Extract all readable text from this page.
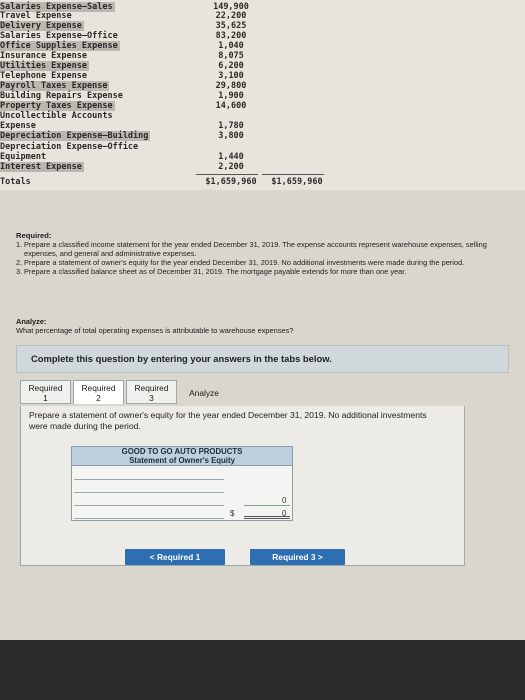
Salaries Expense—Sales	149,900
Travel Expense	22,200
Delivery Expense	35,625
Salaries Expense—Office	83,200
Office Supplies Expense	1,040
Insurance Expense	8,075
Utilities Expense	6,200
Telephone Expense	3,100
Payroll Taxes Expense	29,800
Building Repairs Expense	1,900
Property Taxes Expense	14,600
Uncollectible Accounts
Expense	1,780
Depreciation Expense—Building	3,800
Depreciation Expense—Office
Equipment	1,440
Interest Expense	2,200
Totals	$1,659,960	$1,659,960
Required:
1. Prepare a classified income statement for the year ended December 31, 2019. The expense accounts represent warehouse expenses, selling expenses, and general and administrative expenses.
2. Prepare a statement of owner's equity for the year ended December 31, 2019. No additional investments were made during the period.
3. Prepare a classified balance sheet as of December 31, 2019. The mortgage payable extends for more than one year.
Analyze:
What percentage of total operating expenses is attributable to warehouse expenses?
Complete this question by entering your answers in the tabs below.
Required
1
Required
2
Required
3	Analyze
Prepare a statement of owner's equity for the year ended December 31, 2019. No additional investments were made during the period.
GOOD TO GO AUTO PRODUCTS
Statement of Owner's Equity
0
$	0
< Required 1	Required 3 >
